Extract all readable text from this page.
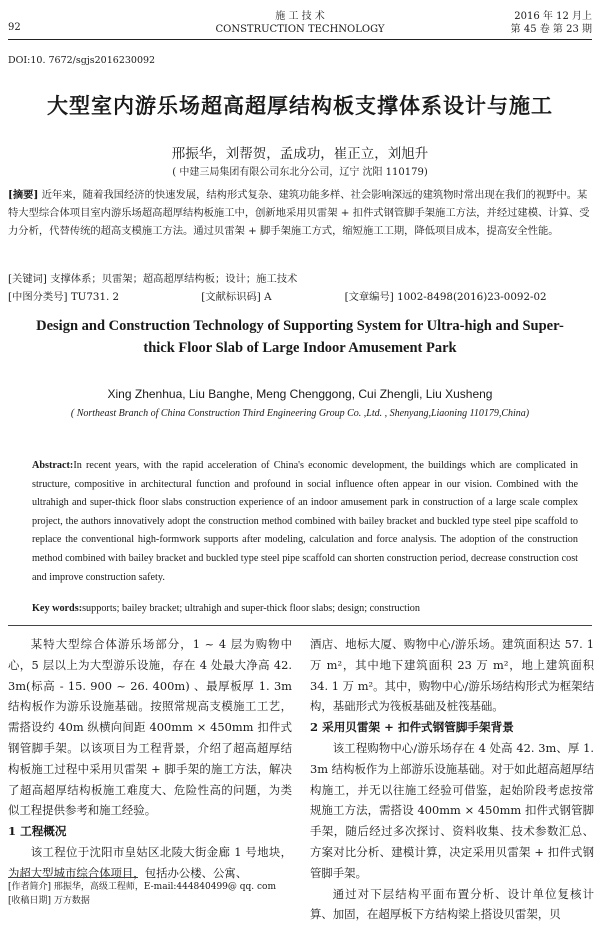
92
施 工 技 术
CONSTRUCTION TECHNOLOGY
2016 年 12 月上
第 45 卷 第 23 期
DOI:10. 7672/sgjs2016230092
大型室内游乐场超高超厚结构板支撑体系设计与施工
邢振华，刘帮贺，孟成功，崔正立，刘旭升
( 中建三局集团有限公司东北分公司，辽宁 沈阳 110179)
[摘要] 近年来，随着我国经济的快速发展，结构形式复杂、建筑功能多样、社会影响深远的建筑物时常出现在我们的视野中。某特大型综合体项目室内游乐场超高超厚结构板施工中，创新地采用贝雷架 + 扣件式钢管脚手架施工方法，并经过建模、计算、受力分析，代替传统的超高支模施工方法。通过贝雷架 + 脚手架施工方式，缩短施工工期，降低项目成本，提高安全性能。
[关键词] 支撑体系；贝雷架；超高超厚结构板；设计；施工技术
[中图分类号] TU731. 2	[文献标识码] A	[文章编号] 1002-8498(2016)23-0092-02
Design and Construction Technology of Supporting System for Ultra-high and Super-thick Floor Slab of Large Indoor Amusement Park
Xing Zhenhua, Liu Banghe, Meng Chenggong, Cui Zhengli, Liu Xusheng
( Northeast Branch of China Construction Third Engineering Group Co. ,Ltd. , Shenyang,Liaoning 110179,China)
Abstract:In recent years, with the rapid acceleration of China's economic development, the buildings which are complicated in structure, compositive in architectural function and profound in social influence often appear in our vision. Combined with the ultrahigh and super-thick floor slabs construction experience of an indoor amusement park in construction of a large scale complex project, the authors innovatively adopt the construction method combined with bailey bracket and buckled type steel pipe scaffold to replace the conventional high-formwork supports after modeling, calculation and force analysis. The adoption of the construction method combined with bailey bracket and buckled type steel pipe scaffold can shorten construction period, decrease construction cost and improve construction safety.
Key words:supports; bailey bracket; ultrahigh and super-thick floor slabs; design; construction

某特大型综合体游乐场部分，1 ~ 4 层为购物中心，5 层以上为大型游乐设施，存在 4 处最大净高 42. 3m(标高 - 15. 900 ~ 26. 400m) 、最厚板厚 1. 3m 结构板作为游乐设施基础。按照常规高支模施工工艺，需搭设约 40m 纵横向间距 400mm × 450mm 扣件式钢管脚手架。以该项目为工程背景，介绍了超高超厚结构板施工过程中采用贝雷架 + 脚手架的施工方法，解决了超高超厚结构板施工难度大、危险性高的问题，为类似工程提供参考和施工经验。

1 工程概况

该工程位于沈阳市皇姑区北陵大街金廊 1 号地块，为超大型城市综合体项目，包括办公楼、公寓、

酒店、地标大厦、购物中心/游乐场。建筑面积达 57. 1 万 m²，其中地下建筑面积 23 万 m²，地上建筑面积 34. 1 万 m²。其中，购物中心/游乐场结构形式为框架结构，基础形式为筏板基础及桩筏基础。

2 采用贝雷架 + 扣件式钢管脚手架背景

该工程购物中心/游乐场存在 4 处高 42. 3m、厚 1. 3m 结构板作为上部游乐设施基础。对于如此超高超厚结构施工，并无以往施工经验可借鉴，起始阶段考虑按常规施工方法，需搭设 400mm × 450mm 扣件式钢管脚手架，随后经过多次探讨、资料收集、技术参数汇总、方案对比分析、建模计算，决定采用贝雷架 + 扣件式钢管脚手架。

通过对下层结构平面布置分析、设计单位复核计算、加固，在超厚板下方结构梁上搭设贝雷架，贝

[作者简介] 邢振华，高级工程师，E-mail:444840499@ qq. com
[收稿日期] 万方数据
